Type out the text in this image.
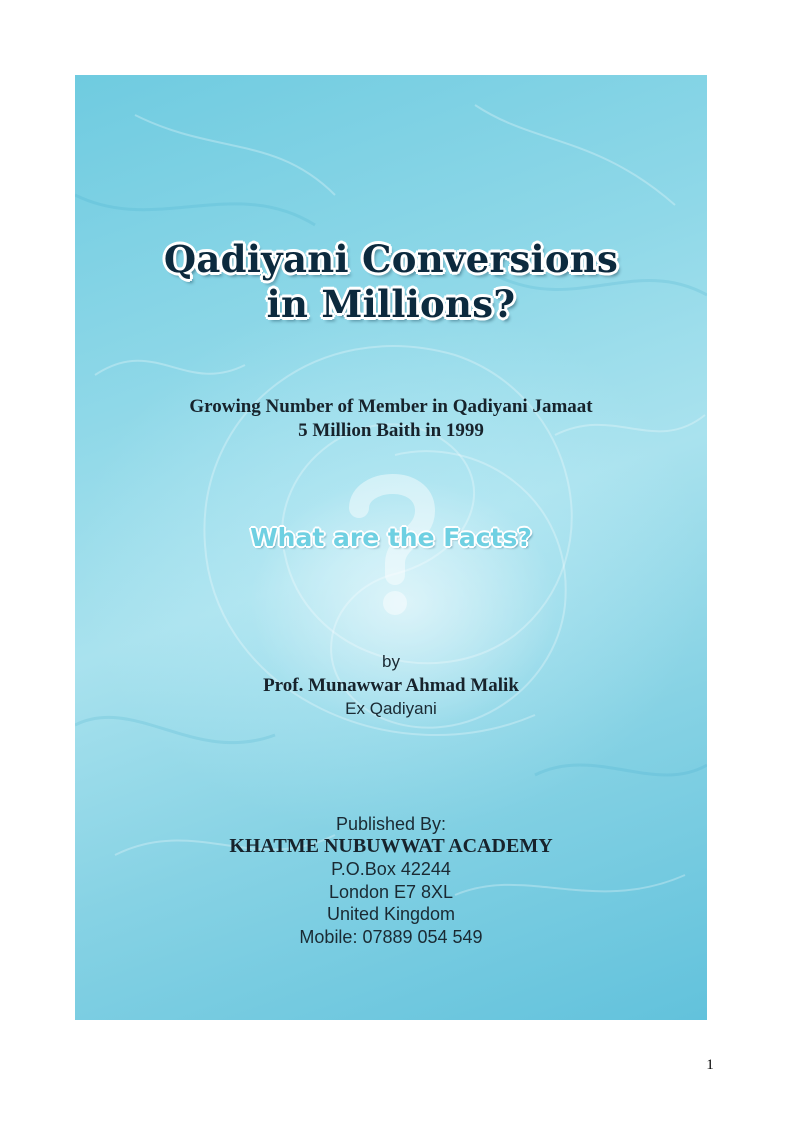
Qadiyani Conversions
in Millions?
Growing Number of Member in Qadiyani Jamaat
5 Million Baith in 1999
What are the Facts?
by
Prof. Munawwar Ahmad Malik
Ex Qadiyani
Published By:
KHATME NUBUWWAT ACADEMY
P.O.Box 42244
London E7 8XL
United Kingdom
Mobile: 07889 054 549
1
